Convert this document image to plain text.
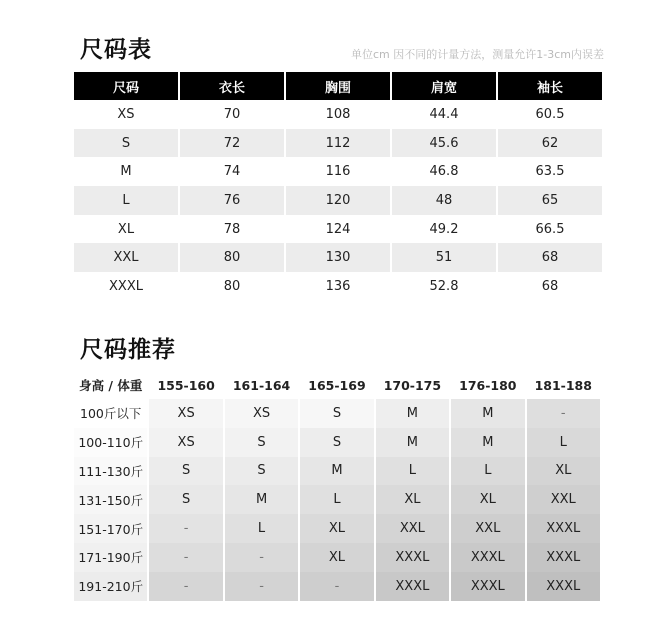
尺码表	单位cm 因不同的计量方法，测量允许1-3cm内误差
尺码	衣长	胸围	肩宽	袖长
XS	70	108	44.4	60.5
S	72	112	45.6	62
M	74	116	46.8	63.5
L	76	120	48	65
XL	78	124	49.2	66.5
XXL	80	130	51	68
XXXL	80	136	52.8	68
尺码推荐
身高 / 体重	155-160	161-164	165-169	170-175	176-180	181-188
100斤以下	XS	XS	S	M	M	-
100-110斤	XS	S	S	M	M	L
111-130斤	S	S	M	L	L	XL
131-150斤	S	M	L	XL	XL	XXL
151-170斤	-	L	XL	XXL	XXL	XXXL
171-190斤	-	-	XL	XXXL	XXXL	XXXL
191-210斤	-	-	-	XXXL	XXXL	XXXL
